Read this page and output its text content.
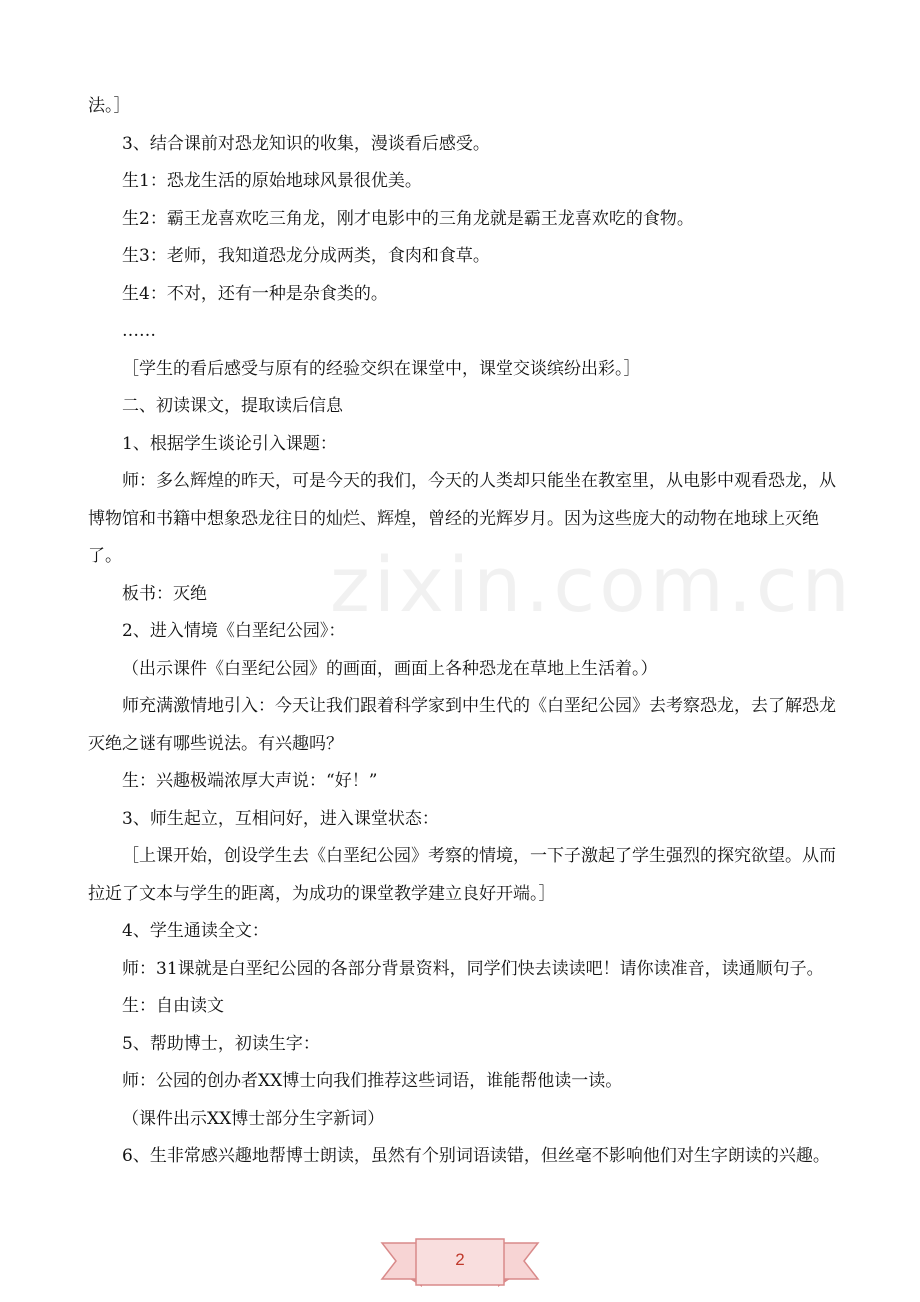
zixin.com.cn

法。］

3、结合课前对恐龙知识的收集，漫谈看后感受。

生1：恐龙生活的原始地球风景很优美。

生2：霸王龙喜欢吃三角龙，刚才电影中的三角龙就是霸王龙喜欢吃的食物。

生3：老师，我知道恐龙分成两类，食肉和食草。

生4：不对，还有一种是杂食类的。

……

［学生的看后感受与原有的经验交织在课堂中，课堂交谈缤纷出彩。］

二、初读课文，提取读后信息

1、根据学生谈论引入课题：

师：多么辉煌的昨天，可是今天的我们，今天的人类却只能坐在教室里，从电影中观看恐龙，从博物馆和书籍中想象恐龙往日的灿烂、辉煌，曾经的光辉岁月。因为这些庞大的动物在地球上灭绝了。

板书：灭绝

2、进入情境《白垩纪公园》：

（出示课件《白垩纪公园》的画面，画面上各种恐龙在草地上生活着。）

师充满激情地引入：今天让我们跟着科学家到中生代的《白垩纪公园》去考察恐龙，去了解恐龙灭绝之谜有哪些说法。有兴趣吗？

生：兴趣极端浓厚大声说：“好！”

3、师生起立，互相问好，进入课堂状态：

［上课开始，创设学生去《白垩纪公园》考察的情境，一下子激起了学生强烈的探究欲望。从而拉近了文本与学生的距离，为成功的课堂教学建立良好开端。］

4、学生通读全文：

师：31课就是白垩纪公园的各部分背景资料，同学们快去读读吧！请你读准音，读通顺句子。

生：自由读文

5、帮助博士，初读生字：

师：公园的创办者XX博士向我们推荐这些词语，谁能帮他读一读。

（课件出示XX博士部分生字新词）

6、生非常感兴趣地帮博士朗读，虽然有个别词语读错，但丝毫不影响他们对生字朗读的兴趣。

2
